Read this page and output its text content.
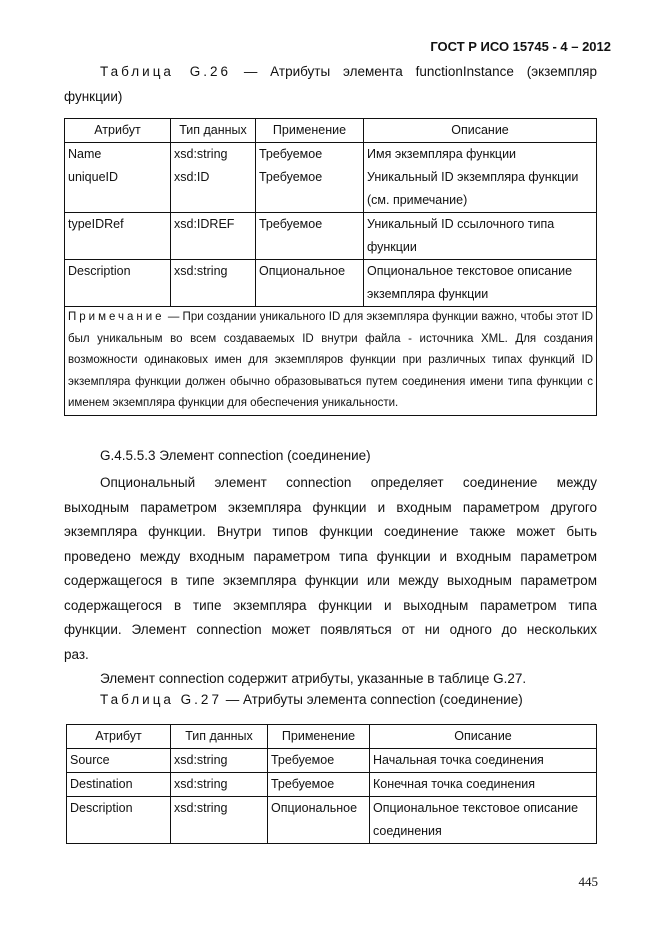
ГОСТ Р ИСО 15745 - 4 – 2012
Таблица G.26 — Атрибуты элемента functionInstance (экземпляр
функции)
Атрибут	Тип данных	Применение	Описание
Name	xsd:string	Требуемое	Имя экземпляра функции
uniqueID	xsd:ID	Требуемое	Уникальный ID экземпляра функции (см. примечание)
typeIDRef	xsd:IDREF	Требуемое	Уникальный ID ссылочного типа функции
Description	xsd:string	Опциональное	Опциональное текстовое описание экземпляра функции
Примечание — При создании уникального ID для экземпляра функции важно, чтобы этот ID был уникальным во всем создаваемых ID внутри файла - источника XML. Для создания возможности одинаковых имен для экземпляров функции при различных типах функций ID экземпляра функции должен обычно образовываться путем соединения имени типа функции с именем экземпляра функции для обеспечения уникальности.			
G.4.5.5.3 Элемент connection (соединение)
Опциональный элемент connection определяет соединение между
выходным параметром экземпляра функции и входным параметром другого
экземпляра функции. Внутри типов функции соединение также может быть
проведено между входным параметром типа функции и входным параметром
содержащегося в типе экземпляра функции или между выходным параметром
содержащегося в типе экземпляра функции и выходным параметром типа
функции. Элемент connection может появляться от ни одного до нескольких
раз.
Элемент connection содержит атрибуты, указанные в таблице G.27.
Таблица G.27 — Атрибуты элемента connection (соединение)
Атрибут	Тип данных	Применение	Описание
Source	xsd:string	Требуемое	Начальная точка соединения
Destination	xsd:string	Требуемое	Конечная точка соединения
Description	xsd:string	Опциональное	Опциональное текстовое описание соединения
445
